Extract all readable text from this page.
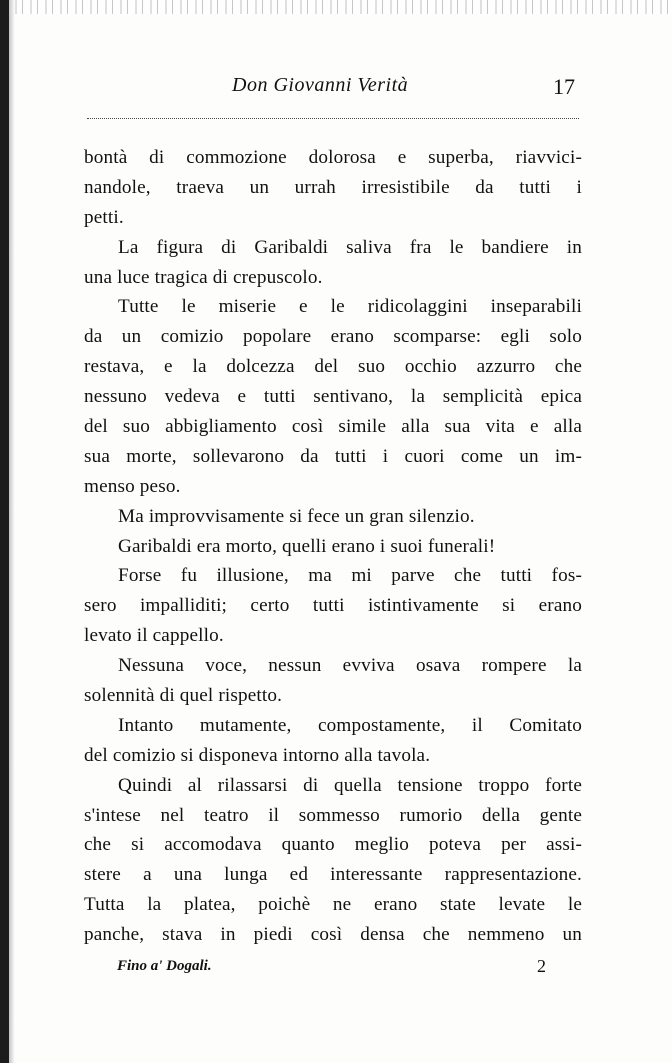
Don Giovanni Verità	17
bontà di commozione dolorosa e superba, riavvici-
nandole, traeva un urrah irresistibile da tutti i
petti.
La figura di Garibaldi saliva fra le bandiere in
una luce tragica di crepuscolo.
Tutte le miserie e le ridicolaggini inseparabili
da un comizio popolare erano scomparse: egli solo
restava, e la dolcezza del suo occhio azzurro che
nessuno vedeva e tutti sentivano, la semplicità epica
del suo abbigliamento così simile alla sua vita e alla
sua morte, sollevarono da tutti i cuori come un im-
menso peso.
Ma improvvisamente si fece un gran silenzio.
Garibaldi era morto, quelli erano i suoi funerali!
Forse fu illusione, ma mi parve che tutti fos-
sero impalliditi; certo tutti istintivamente si erano
levato il cappello.
Nessuna voce, nessun evviva osava rompere la
solennità di quel rispetto.
Intanto mutamente, compostamente, il Comitato
del comizio si disponeva intorno alla tavola.
Quindi al rilassarsi di quella tensione troppo forte
s'intese nel teatro il sommesso rumorio della gente
che si accomodava quanto meglio poteva per assi-
stere a una lunga ed interessante rappresentazione.
Tutta la platea, poichè ne erano state levate le
panche, stava in piedi così densa che nemmeno un
Fino a' Dogali.	2
